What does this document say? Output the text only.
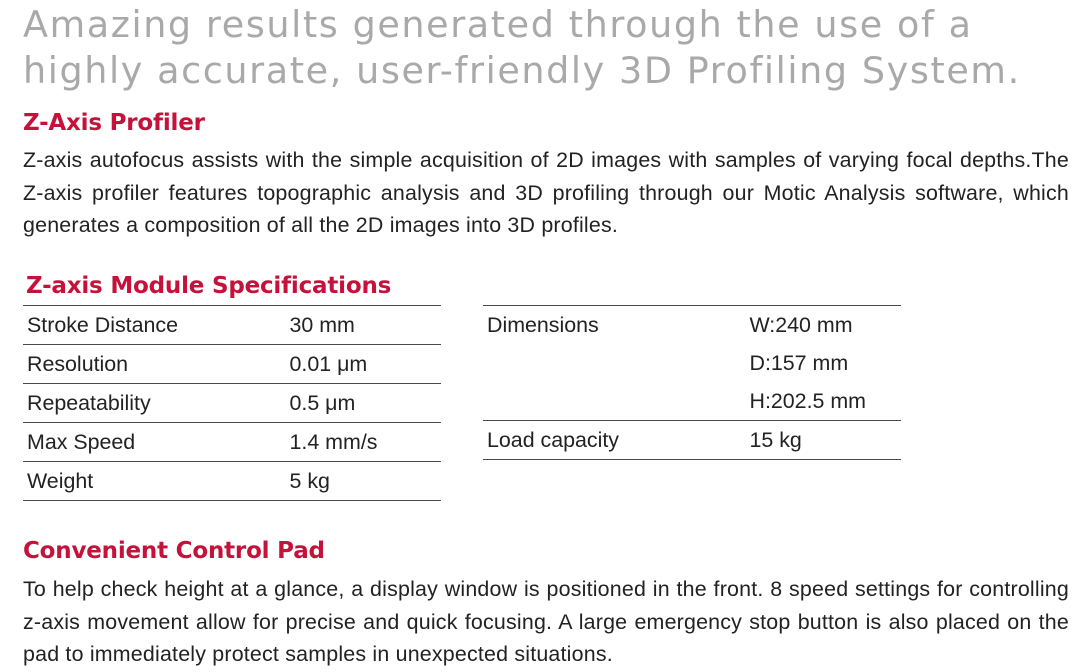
Amazing results generated through the use of a
highly accurate, user-friendly 3D Profiling System.
Z-Axis Profiler

Z-axis autofocus assists with the simple acquisition of 2D images with samples of varying focal depths.The Z-axis profiler features topographic analysis and 3D profiling through our Motic Analysis software, which generates a composition of all the 2D images into 3D profiles.

Z-axis Module Specifications
Stroke Distance	30 mm
Resolution	0.01 μm
Repeatability	0.5 μm
Max Speed	1.4 mm/s
Weight	5 kg
Dimensions	W:240 mm
	D:157 mm
	H:202.5 mm
Load capacity	15 kg
Convenient Control Pad

To help check height at a glance, a display window is positioned in the front. 8 speed settings for controlling z-axis movement allow for precise and quick focusing. A large emergency stop button is also placed on the pad to immediately protect samples in unexpected situations.
